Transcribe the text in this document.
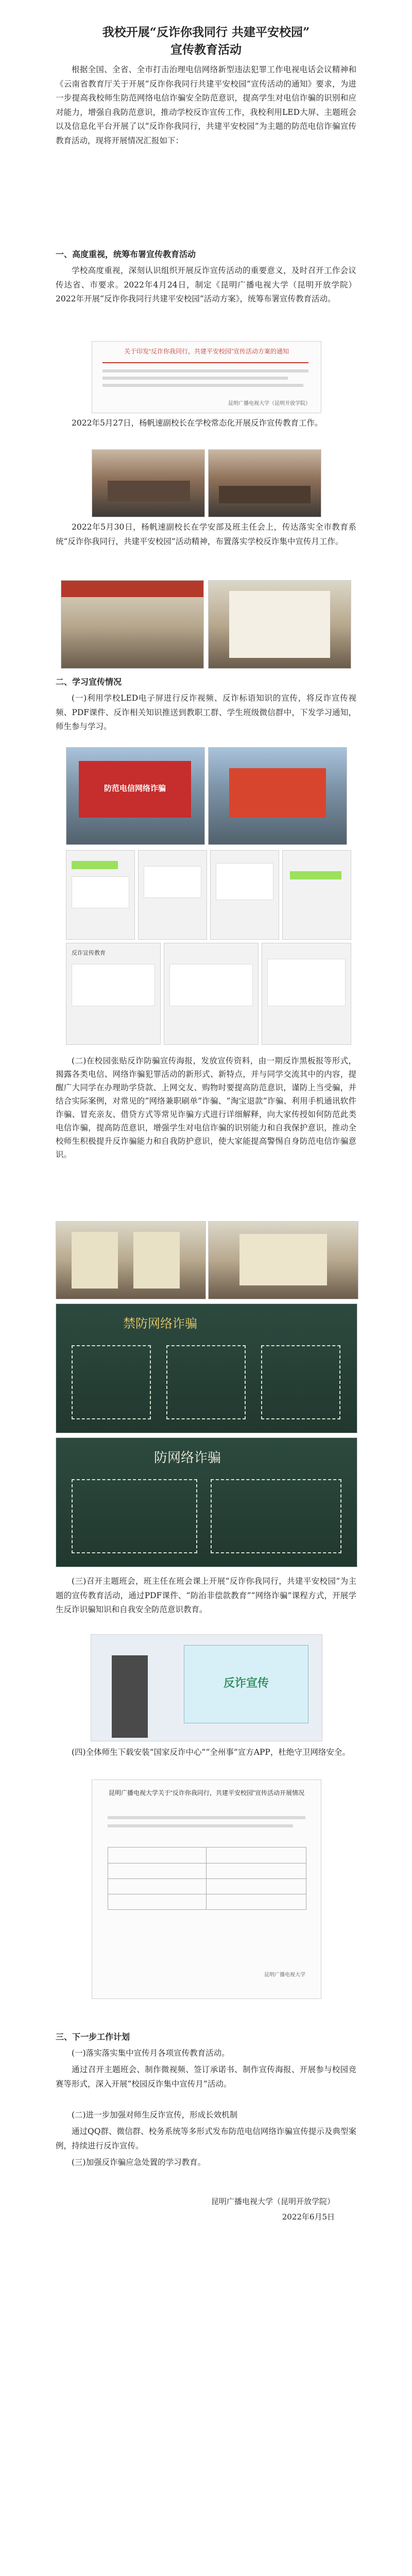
我校开展“反诈你我同行 共建平安校园”
宣传教育活动
根据全国、全省、全市打击治理电信网络新型违法犯罪工作电视电话会议精神和《云南省教育厅关于开展“反诈你我同行共建平安校园”宣传活动的通知》要求，为进一步提高我校师生防范网络电信诈骗安全防范意识，提高学生对电信诈骗的识别和应对能力，增强自我防范意识，推动学校反诈宣传工作，我校利用LED大屏、主题班会以及信息化平台开展了以“反诈你我同行，共建平安校园”为主题的防范电信诈骗宣传教育活动，现将开展情况汇报如下：
一、高度重视，统筹布署宣传教育活动
学校高度重视，深刻认识组织开展反诈宣传活动的重要意义，及时召开工作会议传达省、市要求。2022年4月24日，制定《昆明广播电视大学（昆明开放学院）2022年开展“反诈你我同行共建平安校园”活动方案》，统筹布署宣传教育活动。
关于印发“反诈你我同行，共建平安校园”宣传活动方案的通知
昆明广播电视大学（昆明开放学院）
2022年5月27日，杨帆速副校长在学校常态化开展反诈宣传教育工作。
2022年5月30日，杨帆速副校长在学安部及班主任会上，传达落实全市教育系统“反诈你我同行，共建平安校园”活动精神，布置落实学校反诈集中宣传月工作。
二、学习宣传情况
(一)利用学校LED电子屏进行反诈视频、反诈标语知识的宣传，将反诈宣传视频、PDF课件、反诈相关知识推送到教职工群、学生班级微信群中，下发学习通知，师生参与学习。
防范电信网络诈骗
反诈宣传教育
(二)在校园张贴反诈防骗宣传海报，发放宣传资料，由一期反诈黑板报等形式，揭露各类电信、网络诈骗犯罪活动的新形式、新特点，并与同学交流其中的内容，提醒广大同学在办理助学贷款、上网交友、购物时要提高防范意识，谨防上当受骗，并结合实际案例，对常见的“网络兼职刷单”诈骗、“淘宝退款”诈骗、利用手机通讯软件诈骗、冒充亲友、借贷方式等常见诈骗方式进行详细解释，向大家传授如何防范此类电信诈骗，提高防范意识，增强学生对电信诈骗的识别能力和自我保护意识，推动全校师生积极提升反诈骗能力和自我防护意识，使大家能提高警惕自身防范电信诈骗意识。
禁防网络诈骗
防网络诈骗
(三)召开主题班会，班主任在班会课上开展“反诈你我同行，共建平安校园”为主题的宣传教育活动，通过PDF课件、“防治非偿款教育”“网络诈骗”课程方式，开展学生反诈识骗知识和自我安全防范意识教育。
反诈宣传
(四)全体师生下载安装“国家反诈中心”“全州事”宣方APP，杜绝守卫网络安全。
昆明广播电视大学关于“反诈你我同行，共建平安校园”宣传活动开展情况
昆明广播电视大学
三、下一步工作计划
(一)落实落实集中宣传月各项宣传教育活动。
通过召开主题班会、制作微视频、签订承诺书、制作宣传海报、开展参与校园竞赛等形式，深入开展“校园反诈集中宣传月”活动。
(二)进一步加强对师生反诈宣传，形成长效机制
通过QQ群、微信群、校务系统等多形式发布防范电信网络诈骗宣传提示及典型案例，持续进行反诈宣传。
(三)加强反诈骗应急处置的学习教育。
昆明广播电视大学（昆明开放学院）
2022年6月5日
